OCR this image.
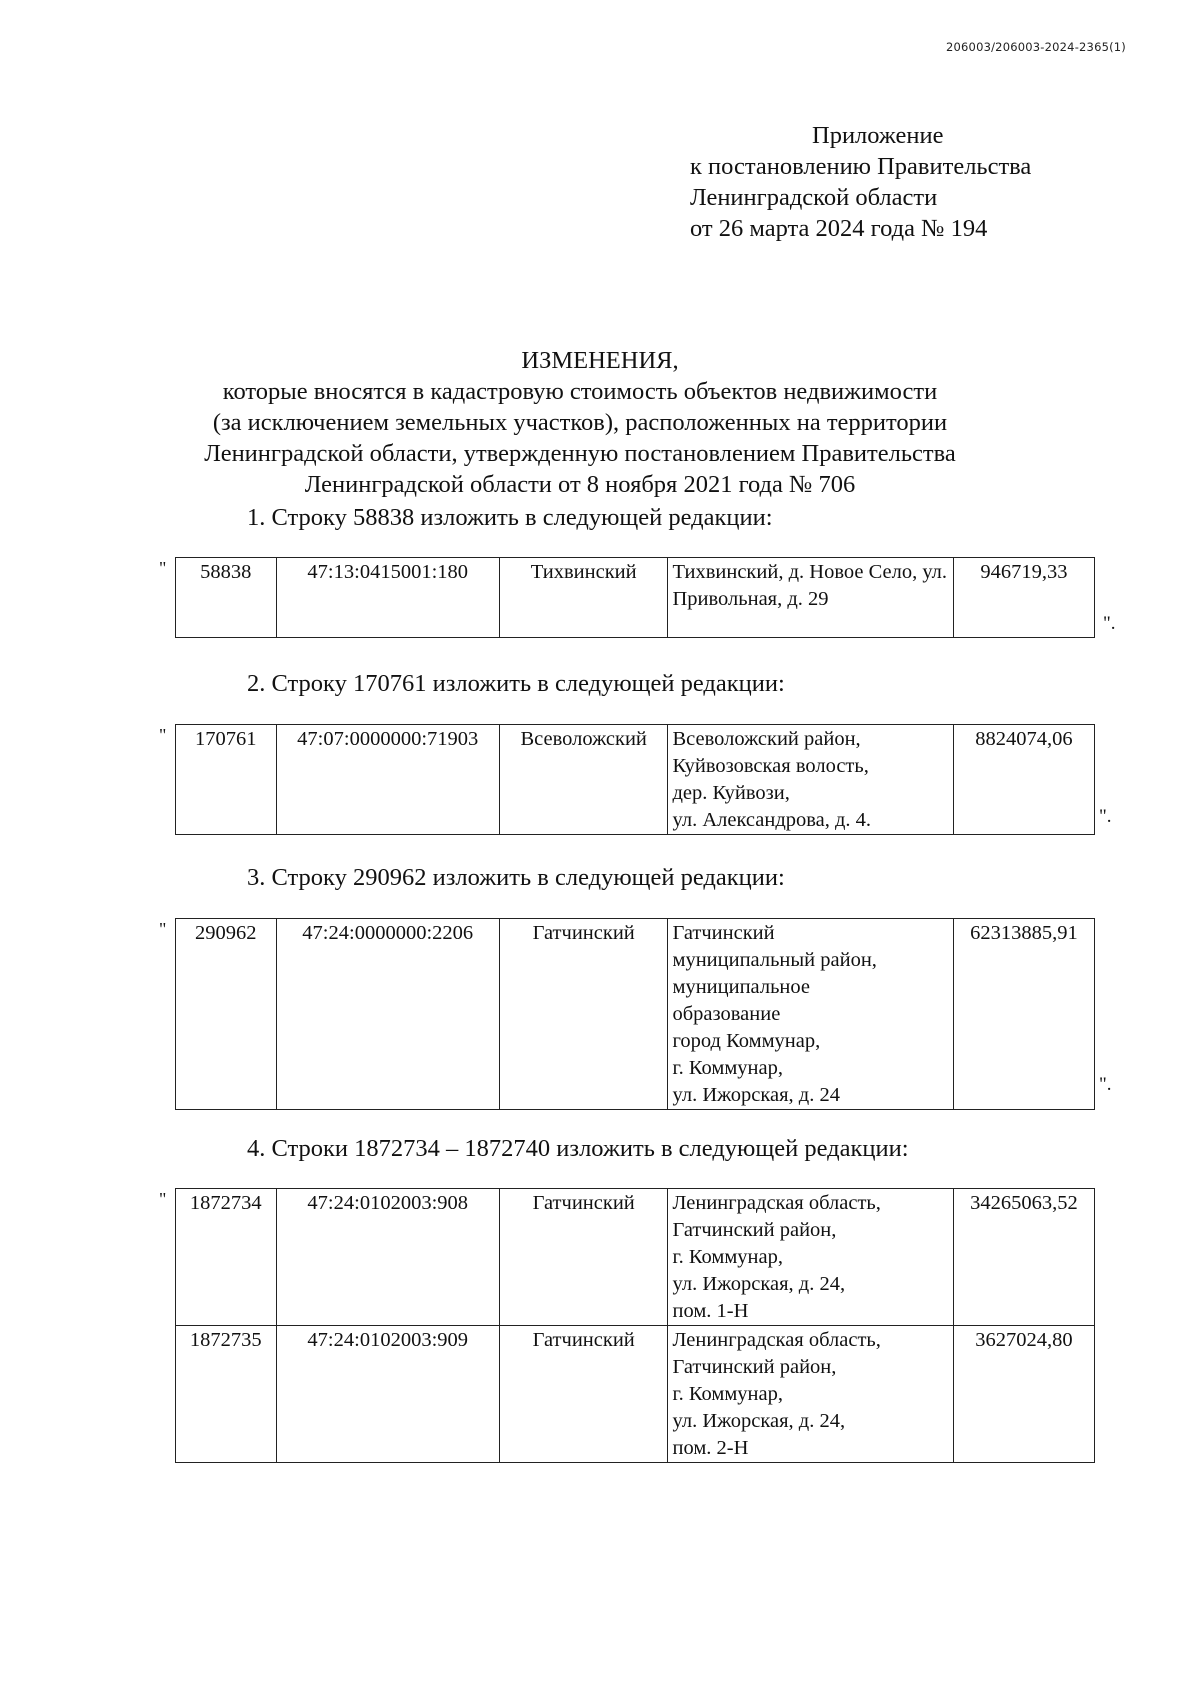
206003/206003-2024-2365(1)
Приложение
к постановлению Правительства
Ленинградской области
от 26 марта 2024 года № 194
ИЗМЕНЕНИЯ,
которые вносятся в кадастровую стоимость объектов недвижимости
(за исключением земельных участков), расположенных на территории
Ленинградской области, утвержденную постановлением Правительства
Ленинградской области от 8 ноября 2021 года № 706
1. Строку 58838 изложить в следующей редакции:
" 58838	47:13:0415001:180	Тихвинский	Тихвинский, д. Новое Село, ул. Привольная, д. 29	946719,33
".
2. Строку 170761 изложить в следующей редакции:
" 170761	47:07:0000000:71903	Всеволожский	Всеволожский район,
Куйвозовская волость,
дер. Куйвози,
ул. Александрова, д. 4.	8824074,06
".
3. Строку 290962 изложить в следующей редакции:
" 290962	47:24:0000000:2206	Гатчинский	Гатчинский
муниципальный район,
муниципальное
образование
город Коммунар,
г. Коммунар,
ул. Ижорская, д. 24	62313885,91
".
4. Строки 1872734 – 1872740 изложить в следующей редакции:
" 1872734	47:24:0102003:908	Гатчинский	Ленинградская область,
Гатчинский район,
г. Коммунар,
ул. Ижорская, д. 24,
пом. 1-Н	34265063,52
1872735	47:24:0102003:909	Гатчинский	Ленинградская область,
Гатчинский район,
г. Коммунар,
ул. Ижорская, д. 24,
пом. 2-Н	3627024,80
